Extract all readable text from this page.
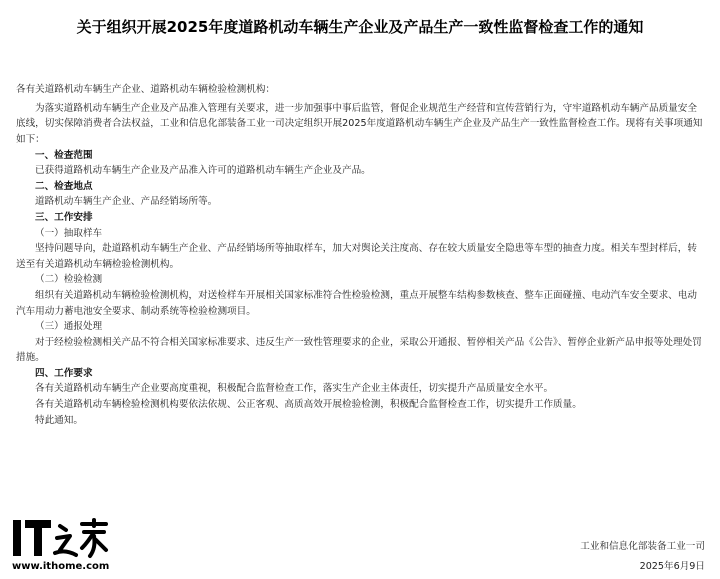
关于组织开展2025年度道路机动车辆生产企业及产品生产一致性监督检查工作的通知

各有关道路机动车辆生产企业、道路机动车辆检验检测机构：

为落实道路机动车辆生产企业及产品准入管理有关要求，进一步加强事中事后监管，督促企业规范生产经营和宣传营销行为，守牢道路机动车辆产品质量安全底线，切实保障消费者合法权益，工业和信息化部装备工业一司决定组织开展2025年度道路机动车辆生产企业及产品生产一致性监督检查工作。现将有关事项通知如下：

一、检查范围

已获得道路机动车辆生产企业及产品准入许可的道路机动车辆生产企业及产品。

二、检查地点

道路机动车辆生产企业、产品经销场所等。

三、工作安排

（一）抽取样车

坚持问题导向，赴道路机动车辆生产企业、产品经销场所等抽取样车，加大对舆论关注度高、存在较大质量安全隐患等车型的抽查力度。相关车型封样后，转送至有关道路机动车辆检验检测机构。

（二）检验检测

组织有关道路机动车辆检验检测机构，对送检样车开展相关国家标准符合性检验检测，重点开展整车结构参数核查、整车正面碰撞、电动汽车安全要求、电动汽车用动力蓄电池安全要求、制动系统等检验检测项目。

（三）通报处理

对于经检验检测相关产品不符合相关国家标准要求、违反生产一致性管理要求的企业，采取公开通报、暂停相关产品《公告》、暂停企业新产品申报等处理处罚措施。

四、工作要求

各有关道路机动车辆生产企业要高度重视，积极配合监督检查工作，落实生产企业主体责任，切实提升产品质量安全水平。

各有关道路机动车辆检验检测机构要依法依规、公正客观、高质高效开展检验检测，积极配合监督检查工作，切实提升工作质量。

特此通知。

www.ithome.com
工业和信息化部装备工业一司
2025年6月9日
